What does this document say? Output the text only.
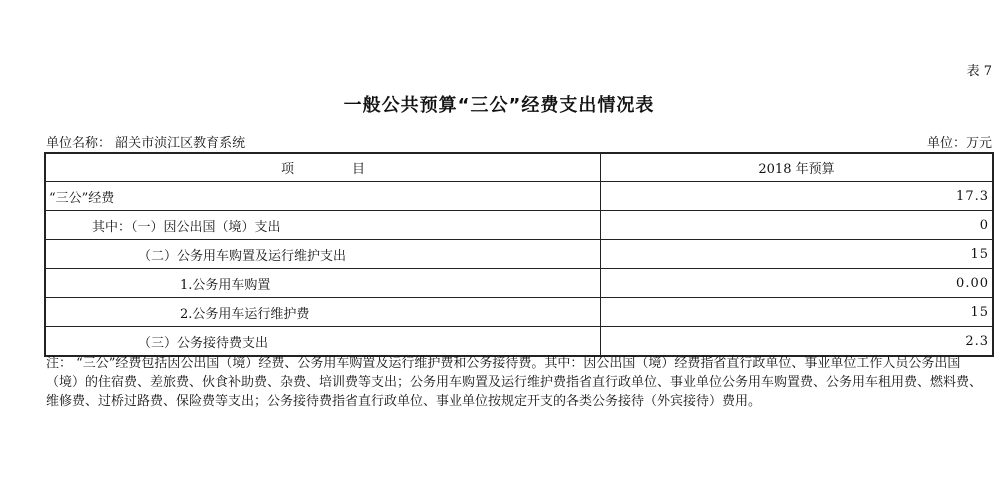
表 7
一般公共预算“三公”经费支出情况表
单位名称： 韶关市浈江区教育系统	单位：万元
项 目	2018 年预算
“三公”经费	17.3
其中：（一）因公出国（境）支出	0
（二）公务用车购置及运行维护支出	15
1.公务用车购置	0.00
2.公务用车运行维护费	15
（三）公务接待费支出	2.3
注： “三公”经费包括因公出国（境）经费、公务用车购置及运行维护费和公务接待费。其中：因公出国（境）经费指省直行政单位、事业单位工作人员公务出国（境）的住宿费、差旅费、伙食补助费、杂费、培训费等支出；公务用车购置及运行维护费指省直行政单位、事业单位公务用车购置费、公务用车租用费、燃料费、维修费、过桥过路费、保险费等支出；公务接待费指省直行政单位、事业单位按规定开支的各类公务接待（外宾接待）费用。
